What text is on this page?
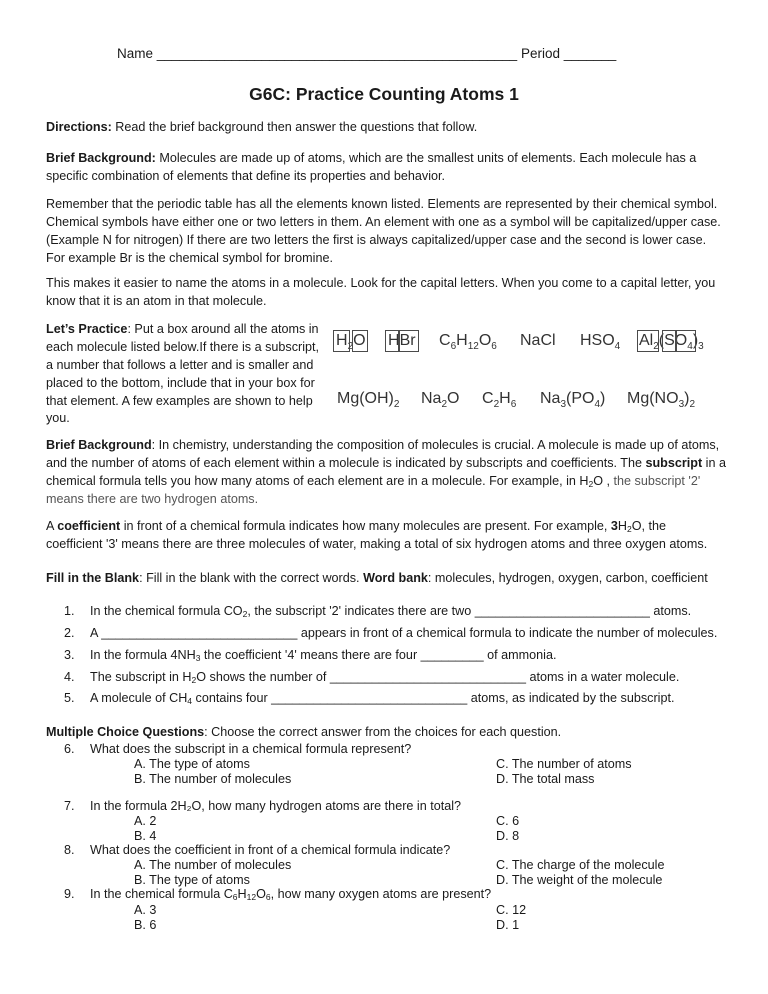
Name ________________________________________________ Period _______
G6C: Practice Counting Atoms 1

Directions: Read the brief background then answer the questions that follow.

Brief Background: Molecules are made up of atoms, which are the smallest units of elements. Each molecule has a specific combination of elements that define its properties and behavior.

Remember that the periodic table has all the elements known listed. Elements are represented by their chemical symbol. Chemical symbols have either one or two letters in them. An element with one as a symbol will be capitalized/upper case. (Example N for nitrogen) If there are two letters the first is always capitalized/upper case and the second is lower case. For example Br is the chemical symbol for bromine.

This makes it easier to name the atoms in a molecule. Look for the capital letters. When you come to a capital letter, you know that it is an atom in that molecule.

Let’s Practice: Put a box around all the atoms in each molecule listed below.If there is a subscript, a number that follows a letter and is smaller and placed to the bottom, include that in your box for that element. A few examples are shown to help you.

$H_2O$ HBr $C_6H_{12}O_6$ NaCl $HSO_4$ $Al_2(SO_4)_3$
$Mg(OH)_2$ $Na_2O$ $C_2H_6$ $Na_3(PO_4)$ $Mg(NO_3)_2$

Brief Background: In chemistry, understanding the composition of molecules is crucial. A molecule is made up of atoms, and the number of atoms of each element within a molecule is indicated by subscripts and coefficients. The subscript in a chemical formula tells you how many atoms of each element are in a molecule. For example, in $H_2O$ , the subscript '2' means there are two hydrogen atoms.

A coefficient in front of a chemical formula indicates how many molecules are present. For example, $3H_2O$, the coefficient '3' means there are three molecules of water, making a total of six hydrogen atoms and three oxygen atoms.

Fill in the Blank: Fill in the blank with the correct words. Word bank: molecules, hydrogen, oxygen, carbon, coefficient

1. In the chemical formula $CO_2$, the subscript '2' indicates there are two _________________________ atoms.
2. A ____________________________ appears in front of a chemical formula to indicate the number of molecules.
3. In the formula $4NH_3$ the coefficient '4' means there are four _________ of ammonia.
4. The subscript in $H_2O$ shows the number of ____________________________ atoms in a water molecule.
5. A molecule of $CH_4$ contains four ____________________________ atoms, as indicated by the subscript.

Multiple Choice Questions: Choose the correct answer from the choices for each question.

6. What does the subscript in a chemical formula represent?
A. The type of atoms
B. The number of molecules
C. The number of atoms
D. The total mass
7. In the formula 2H₂O, how many hydrogen atoms are there in total?
A. 2
B. 4
C. 6
D. 8
8. What does the coefficient in front of a chemical formula indicate?
A. The number of molecules
B. The type of atoms
C. The charge of the molecule
D. The weight of the molecule
9. In the chemical formula $C_6H_{12}O_6$, how many oxygen atoms are present?
A. 3
B. 6
C. 12
D. 1
